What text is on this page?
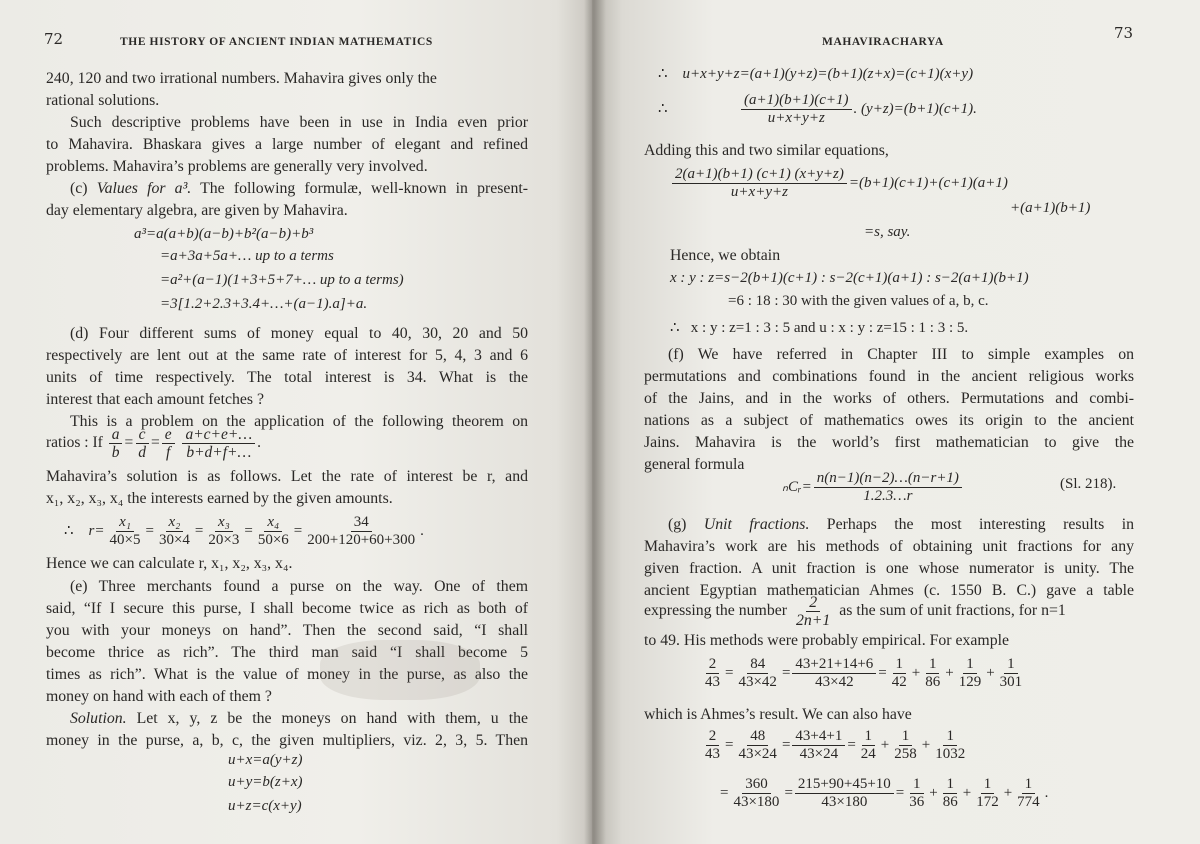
72	THE HISTORY OF ANCIENT INDIAN MATHEMATICS
240, 120 and two irrational numbers. Mahavira gives only the
rational solutions.
Such descriptive problems have been in use in India even prior
to Mahavira. Bhaskara gives a large number of elegant and refined
problems. Mahavira’s problems are generally very involved.
(c) Values for a³. The following formulæ, well-known in present-
day elementary algebra, are given by Mahavira.
a³=a(a+b)(a−b)+b²(a−b)+b³
=a+3a+5a+… up to a terms
=a²+(a−1)(1+3+5+7+… up to a terms)
=3[1.2+2.3+3.4+…+(a−1).a]+a.
(d) Four different sums of money equal to 40, 30, 20 and 50
respectively are lent out at the same rate of interest for 5, 4, 3 and 6
units of time respectively. The total interest is 34. What is the
interest that each amount fetches ?
This is a problem on the application of the following theorem on
ratios : If $\frac{a}{b} = \frac{c}{d} = \frac{e}{f}$
$\frac{a+c+e+\dots}{b+d+f+\dots}$ .
Mahavira’s solution is as follows. Let the rate of interest be r, and
x₁, x₂, x₃, x₄ the interests earned by the given amounts.
∴ $r= \frac{\text{x₁}}{40\times 5} = \frac{\text{x₂}}{30\times 4} = \frac{\text{x₃}}{20\times 3} = \frac{\text{x₄}}{50\times 6} = \frac{34}{200+120+60+300}$ .
Hence we can calculate r, x₁, x₂, x₃, x₄.
(e) Three merchants found a purse on the way. One of them
said, “If I secure this purse, I shall become twice as rich as both of
you with your moneys on hand”. Then the second said, “I shall
become thrice as rich”. The third man said “I shall become 5
times as rich”. What is the value of money in the purse, as also the
money on hand with each of them ?
Solution. Let x, y, z be the moneys on hand with them, u the
money in the purse, a, b, c, the given multipliers, viz. 2, 3, 5. Then
u+x=a(y+z)
u+y=b(z+x)
u+z=c(x+y)
73
MAHAVIRACHARYA
∴ u+x+y+z=(a+1)(y+z)=(b+1)(z+x)=(c+1)(x+y)
∴	$\frac{(a+1)(b+1)(c+1)}{u+x+y+z}$ . (y+z)=(b+1)(c+1).
Adding this and two similar equations,
$\frac{2(a+1)(b+1) (c+1) (x+y+z)}{u+x+y+z} =(b+1)(c+1)+(c+1)(a+1)$
+(a+1)(b+1)
=s, say.
Hence, we obtain
x : y : z=s−2(b+1)(c+1) : s−2(c+1)(a+1) : s−2(a+1)(b+1)
=6 : 18 : 30 with the given values of a, b, c.
∴ x : y : z=1 : 3 : 5 and u : x : y : z=15 : 1 : 3 : 5.
(f) We have referred in Chapter III to simple examples on
permutations and combinations found in the ancient religious works
of the Jains, and in the works of others. Permutations and combi-
nations as a subject of mathematics owes its origin to the ancient
Jains. Mahavira is the world’s first mathematician to give the
general formula
ₙCᵣ= $\frac{n(n-1)(n-2)\dots(n-r+1)}{1.2.3\dots r}$	(Sl. 218).
(g) Unit fractions. Perhaps the most interesting results in
Mahavira’s work are his methods of obtaining unit fractions for any
given fraction. A unit fraction is one whose numerator is unity. The
ancient Egyptian mathematician Ahmes (c. 1550 B. C.) gave a table
expressing the number $\frac{2}{2n+1}$ as the sum of unit fractions, for n=1
to 49. His methods were probably empirical. For example
$\frac{2}{43} = \frac{84}{43\times 42} = \frac{43+21+14+6}{43\times 42} = \frac{1}{42} + \frac{1}{86} + \frac{1}{129} + \frac{1}{301}$
which is Ahmes’s result. We can also have
$\frac{2}{43} = \frac{48}{43\times 24} = \frac{43+4+1}{43\times 24} = \frac{1}{24} + \frac{1}{258} + \frac{1}{1032}$
= $\frac{360}{43\times 180} = \frac{215+90+45+10}{43\times 180} = \frac{1}{36} + \frac{1}{86} + \frac{1}{172} + \frac{1}{774}$ .
